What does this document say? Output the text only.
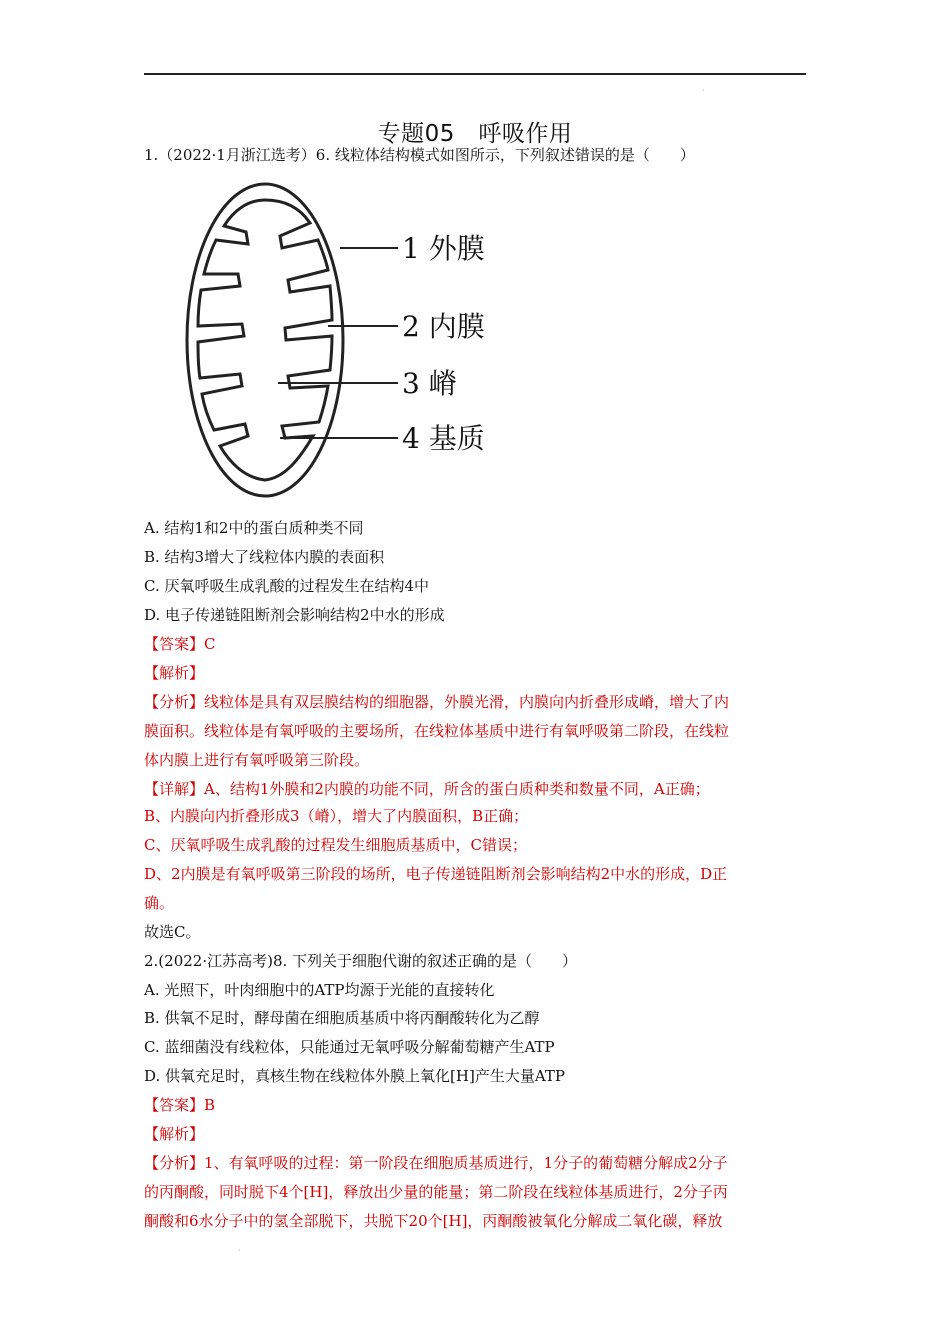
·
专题05　呼吸作用
1.（2022·1月浙江选考）6. 线粒体结构模式如图所示，下列叙述错误的是（　　）
1 外膜
2 内膜
3 嵴
4 基质
A. 结构1和2中的蛋白质种类不同
B. 结构3增大了线粒体内膜的表面积
C. 厌氧呼吸生成乳酸的过程发生在结构4中
D. 电子传递链阻断剂会影响结构2中水的形成
【答案】C
【解析】
【分析】线粒体是具有双层膜结构的细胞器，外膜光滑，内膜向内折叠形成嵴，增大了内
膜面积。线粒体是有氧呼吸的主要场所，在线粒体基质中进行有氧呼吸第二阶段，在线粒
体内膜上进行有氧呼吸第三阶段。
【详解】A、结构1外膜和2内膜的功能不同，所含的蛋白质种类和数量不同，A正确；
B、内膜向内折叠形成3（嵴），增大了内膜面积，B正确；
C、厌氧呼吸生成乳酸的过程发生细胞质基质中，C错误；
D、2内膜是有氧呼吸第三阶段的场所，电子传递链阻断剂会影响结构2中水的形成，D正
确。
故选C。
2.(2022·江苏高考)8. 下列关于细胞代谢的叙述正确的是（　　）
A. 光照下，叶肉细胞中的ATP均源于光能的直接转化
B. 供氧不足时，酵母菌在细胞质基质中将丙酮酸转化为乙醇
C. 蓝细菌没有线粒体，只能通过无氧呼吸分解葡萄糖产生ATP
D. 供氧充足时，真核生物在线粒体外膜上氧化[H]产生大量ATP
【答案】B
【解析】
【分析】1、有氧呼吸的过程：第一阶段在细胞质基质进行，1分子的葡萄糖分解成2分子
的丙酮酸，同时脱下4个[H]，释放出少量的能量；第二阶段在线粒体基质进行，2分子丙
酮酸和6水分子中的氢全部脱下，共脱下20个[H]，丙酮酸被氧化分解成二氧化碳，释放
·
